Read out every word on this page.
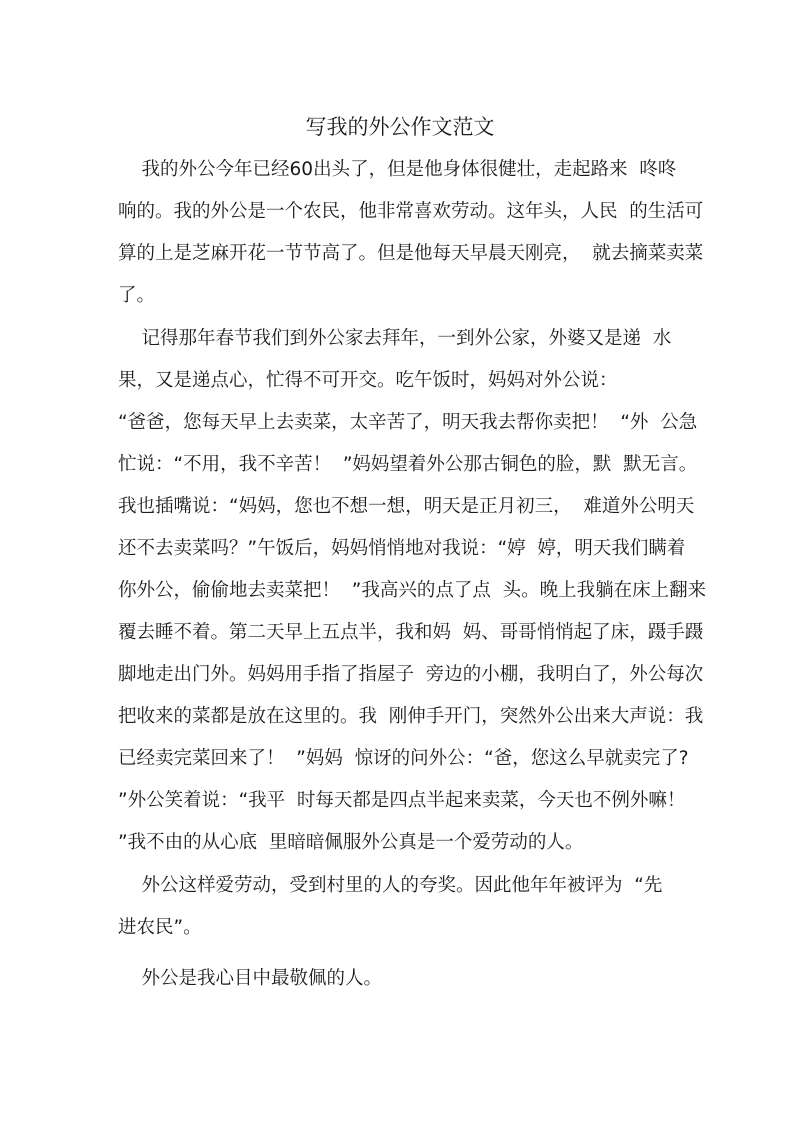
写我的外公作文范文
我的外公今年已经60出头了，但是他身体很健壮，走起路来  咚咚
响的。我的外公是一个农民，他非常喜欢劳动。这年头，人民  的生活可
算的上是芝麻开花一节节高了。但是他每天早晨天刚亮，  就去摘菜卖菜
了。
记得那年春节我们到外公家去拜年，一到外公家，外婆又是递  水
果，又是递点心，忙得不可开交。吃午饭时，妈妈对外公说：
“爸爸，您每天早上去卖菜，太辛苦了，明天我去帮你卖把！  “外  公急
忙说：“不用，我不辛苦！  ”妈妈望着外公那古铜色的脸，默  默无言。
我也插嘴说：“妈妈，您也不想一想，明天是正月初三，  难道外公明天
还不去卖菜吗？”午饭后，妈妈悄悄地对我说：“婷  婷，明天我们瞒着
你外公，偷偷地去卖菜把！  ”我高兴的点了点  头。晚上我躺在床上翻来
覆去睡不着。第二天早上五点半，我和妈  妈、哥哥悄悄起了床，蹑手蹑
脚地走出门外。妈妈用手指了指屋子  旁边的小棚，我明白了，外公每次
把收来的菜都是放在这里的。我  刚伸手开门，突然外公出来大声说：我
已经卖完菜回来了！  ”妈妈  惊讶的问外公：“爸，您这么早就卖完了?
”外公笑着说：“我平  时每天都是四点半起来卖菜，今天也不例外嘛！
”我不由的从心底  里暗暗佩服外公真是一个爱劳动的人。
外公这样爱劳动，受到村里的人的夸奖。因此他年年被评为  “先
进农民”。
外公是我心目中最敬佩的人。
